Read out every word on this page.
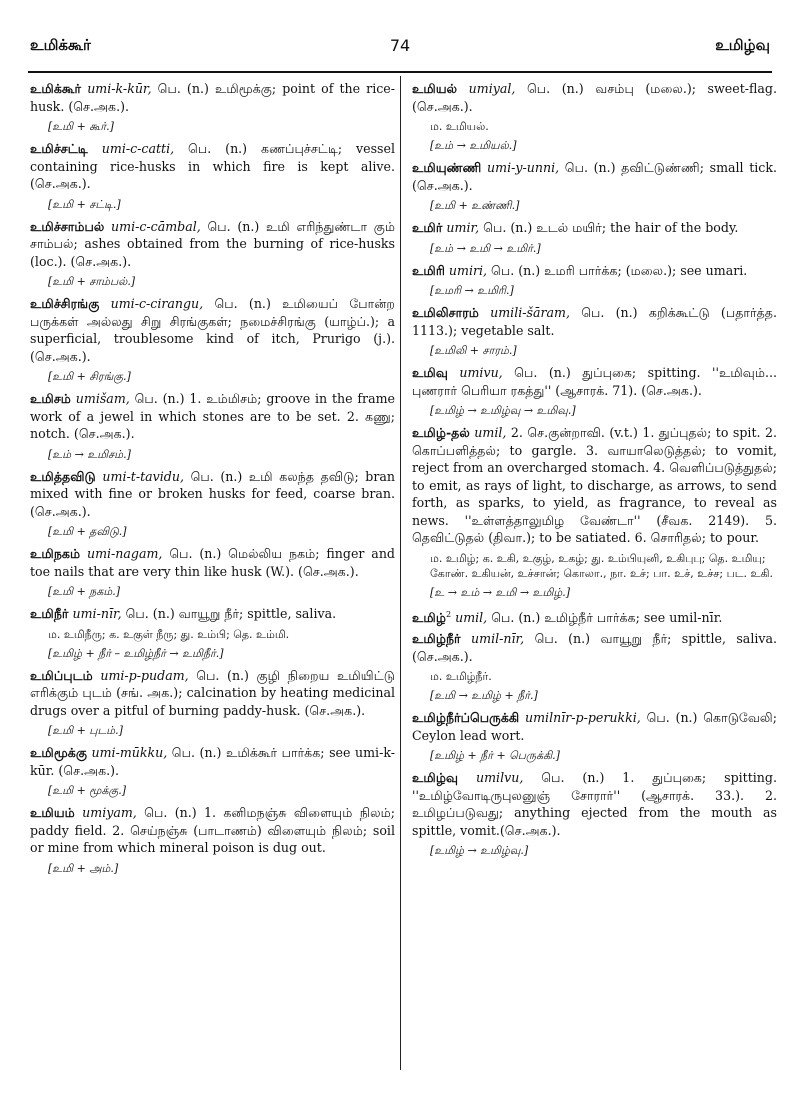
உமிக்கூர்	74	உமிழ்வு

உமிக்கூர் umi-k-kūr, பெ. (n.) உமிமூக்கு; point of the rice-husk. (செ.அக.).

[உமி + கூர்.]

உமிச்சட்டி umi-c-catti, பெ. (n.) கணப்புச்சட்டி; vessel containing rice-husks in which fire is kept alive. (செ.அக.).

[உமி + சட்டி.]

உமிச்சாம்பல் umi-c-cāmbal, பெ. (n.) உமி எரிந்துண்டா கும் சாம்பல்; ashes obtained from the burning of rice-husks (loc.). (செ.அக.).

[உமி + சாம்பல்.]

உமிச்சிரங்கு umi-c-cirangu, பெ. (n.) உமியைப் போன்ற பருக்கள் அல்லது சிறு சிரங்குகள்; நமைச்சிரங்கு (யாழ்ப்.); a superficial, troublesome kind of itch, Prurigo (j.). (செ.அக.).

[உமி + சிரங்கு.]

உமிசம் umišam, பெ. (n.) 1. உம்மிசம்; groove in the frame work of a jewel in which stones are to be set. 2. கணு; notch. (செ.அக.).

[உம் → உமிசம்.]

உமித்தவிடு umi-t-tavidu, பெ. (n.) உமி கலந்த தவிடு; bran mixed with fine or broken husks for feed, coarse bran. (செ.அக.).

[உமி + தவிடு.]

உமிநகம் umi-nagam, பெ. (n.) மெல்லிய நகம்; finger and toe nails that are very thin like husk (W.). (செ.அக.).

[உமி + நகம்.]

உமிநீர் umi-nīr, பெ. (n.) வாயூறு நீர்; spittle, saliva.

ம. உமிநீரு; க. உகுள் நீரு; து. உம்பி; தெ. உம்மி.
[உமிழ் + நீர் – உமிழ்நீர் → உமிநீர்.]

உமிப்புடம் umi-p-pudam, பெ. (n.) குழி நிறைய உமியிட்டு எரிக்கும் புடம் (சங். அக.); calcination by heating medicinal drugs over a pitful of burning paddy-husk. (செ.அக.).

[உமி + புடம்.]

உமிமூக்கு umi-mūkku, பெ. (n.) உமிக்கூர் பார்க்க; see umi-k-kūr. (செ.அக.).

[உமி + மூக்கு.]

உமியம் umiyam, பெ. (n.) 1. கனிமநஞ்சு விளையும் நிலம்; paddy field. 2. செய்நஞ்சு (பாடாணம்) விளையும் நிலம்; soil or mine from which mineral poison is dug out.

[உமி + அம்.]

உமியல் umiyal, பெ. (n.) வசம்பு (மலை.); sweet-flag. (செ.அக.).

ம. உமியல்.
[உம் → உமியல்.]

உமியுண்ணி umi-y-unni, பெ. (n.) தவிட்டுண்ணி; small tick. (செ.அக.).

[உமி + உண்ணி.]

உமிர் umir, பெ. (n.) உடல் மயிர்; the hair of the body.

[உம் → உமி → உமிர்.]

உமிரி umiri, பெ. (n.) உமரி பார்க்க; (மலை.); see umari.

[உமரி → உமிரி.]

உமிலிசாரம் umili-šāram, பெ. (n.) கறிக்கூட்டு (பதார்த்த. 1113.); vegetable salt.

[உமிலி + சாரம்.]

உமிவு umivu, பெ. (n.) துப்புகை; spitting. ''உமிவும்... புணரார் பெரியா ரகத்து'' (ஆசாரக். 71). (செ.அக.).

[உமிழ் → உமிழ்வு → உமிவு.]

உமிழ்-தல் umil, 2. செ.குன்றாவி. (v.t.) 1. துப்புதல்; to spit. 2. கொப்பளித்தல்; to gargle. 3. வாயாலெடுத்தல்; to vomit, reject from an overcharged stomach. 4. வெளிப்படுத்துதல்; to emit, as rays of light, to discharge, as arrows, to send forth, as sparks, to yield, as fragrance, to reveal as news. ''உள்ளத்தாலுமிழ வேண்டா'' (சீவக. 2149). 5. தெவிட்டுதல் (திவா.); to be satiated. 6. சொரிதல்; to pour.

ம. உமிழ்; க. உகி, உகுழ், உகழ்; து. உம்பியுனி, உகிபுபு; தெ. உமியு; கோண். உகியன், உச்சான்; கொலா., நா. உச்; பா. உச், உச்ச; பட. உகி.
[உ → உம் → உமி → உமிழ்.]

உமிழ்$^2$ umil, பெ. (n.) உமிழ்நீர் பார்க்க; see umil-nīr.

உமிழ்நீர் umil-nīr, பெ. (n.) வாயூறு நீர்; spittle, saliva. (செ.அக.).

ம. உமிழ்நீர்.
[உமி → உமிழ் + நீர்.]

உமிழ்நீர்ப்பெருக்கி umilnīr-p-perukki, பெ. (n.) கொடுவேலி; Ceylon lead wort.

[உமிழ் + நீர் + பெருக்கி.]

உமிழ்வு umilvu, பெ. (n.) 1. துப்புகை; spitting. ''உமிழ்வோடிருபுலனுஞ் சோரார்'' (ஆசாரக். 33.). 2. உமிழப்படுவது; anything ejected from the mouth as spittle, vomit.(செ.அக.).

[உமிழ் → உமிழ்வு.]
